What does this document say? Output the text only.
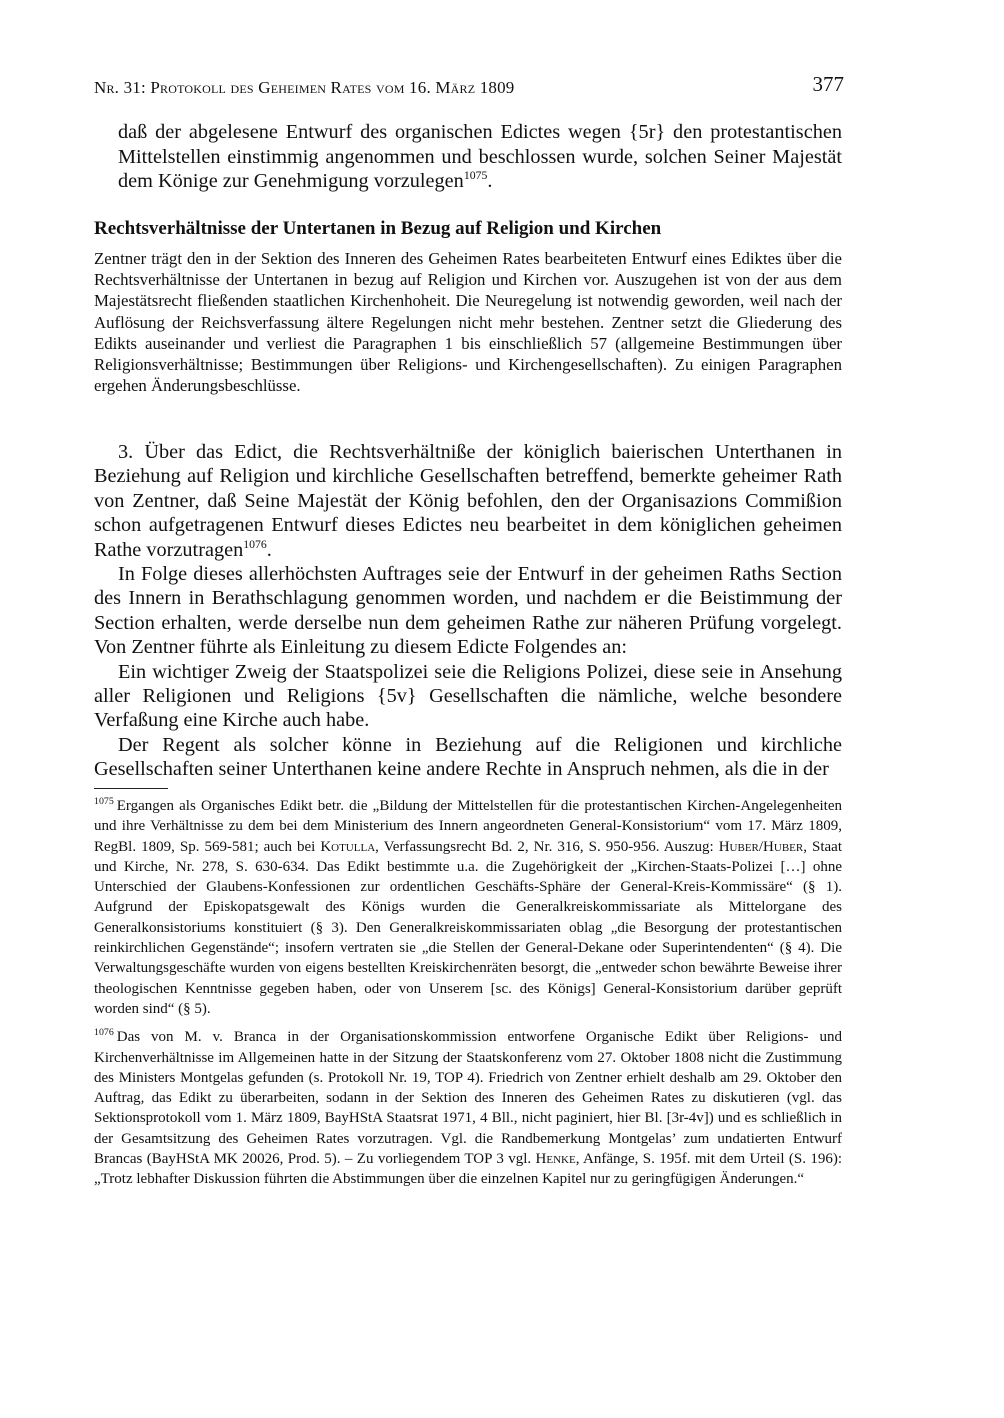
Nr. 31: Protokoll des Geheimen Rates vom 16. März 1809	377
daß der abgelesene Entwurf des organischen Edictes wegen {5r} den protestantischen Mittelstellen einstimmig angenommen und beschlossen wurde, solchen Seiner Majestät dem Könige zur Genehmigung vorzulegen$^{1075}$.
Rechtsverhältnisse der Untertanen in Bezug auf Religion und Kirchen
Zentner trägt den in der Sektion des Inneren des Geheimen Rates bearbeiteten Entwurf eines Ediktes über die Rechtsverhältnisse der Untertanen in bezug auf Religion und Kirchen vor. Auszugehen ist von der aus dem Majestätsrecht fließenden staatlichen Kirchenhoheit. Die Neuregelung ist notwendig geworden, weil nach der Auflösung der Reichsverfassung ältere Regelungen nicht mehr bestehen. Zentner setzt die Gliederung des Edikts auseinander und verliest die Paragraphen 1 bis einschließlich 57 (allgemeine Bestimmungen über Religionsverhältnisse; Bestimmungen über Religions- und Kirchengesellschaften). Zu einigen Paragraphen ergehen Änderungsbeschlüsse.

3. Über das Edict, die Rechtsverhältniße der königlich baierischen Unterthanen in Beziehung auf Religion und kirchliche Gesellschaften betreffend, bemerkte geheimer Rath von Zentner, daß Seine Majestät der König befohlen, den der Organisazions Commißion schon aufgetragenen Entwurf dieses Edictes neu bearbeitet in dem königlichen geheimen Rathe vorzutragen$^{1076}$.

In Folge dieses allerhöchsten Auftrages seie der Entwurf in der geheimen Raths Section des Innern in Berathschlagung genommen worden, und nachdem er die Beistimmung der Section erhalten, werde derselbe nun dem geheimen Rathe zur näheren Prüfung vorgelegt. Von Zentner führte als Einleitung zu diesem Edicte Folgendes an:

Ein wichtiger Zweig der Staatspolizei seie die Religions Polizei, diese seie in Ansehung aller Religionen und Religions {5v} Gesellschaften die nämliche, welche besondere Verfaßung eine Kirche auch habe.

Der Regent als solcher könne in Beziehung auf die Religionen und kirchliche Gesellschaften seiner Unterthanen keine andere Rechte in Anspruch nehmen, als die in der

$^{1075}$ Ergangen als Organisches Edikt betr. die „Bildung der Mittelstellen für die protestantischen Kirchen-Angelegenheiten und ihre Verhältnisse zu dem bei dem Ministerium des Innern angeordneten General-Konsistorium“ vom 17. März 1809, RegBl. 1809, Sp. 569-581; auch bei Kotulla, Verfassungsrecht Bd. 2, Nr. 316, S. 950-956. Auszug: Huber/Huber, Staat und Kirche, Nr. 278, S. 630-634. Das Edikt bestimmte u.a. die Zugehörigkeit der „Kirchen-Staats-Polizei […] ohne Unterschied der Glaubens-Konfessionen zur ordentlichen Geschäfts-Sphäre der General-Kreis-Kommissäre“ (§ 1). Aufgrund der Episkopatsgewalt des Königs wurden die Generalkreiskommissariate als Mittelorgane des Generalkonsistoriums konstituiert (§ 3). Den Generalkreiskommissariaten oblag „die Besorgung der protestantischen reinkirchlichen Gegenstände“; insofern vertraten sie „die Stellen der General-Dekane oder Superintendenten“ (§ 4). Die Verwaltungsgeschäfte wurden von eigens bestellten Kreiskirchenräten besorgt, die „entweder schon bewährte Beweise ihrer theologischen Kenntnisse gegeben haben, oder von Unserem [sc. des Königs] General-Konsistorium darüber geprüft worden sind“ (§ 5).

$^{1076}$ Das von M. v. Branca in der Organisationskommission entworfene Organische Edikt über Religions- und Kirchenverhältnisse im Allgemeinen hatte in der Sitzung der Staatskonferenz vom 27. Oktober 1808 nicht die Zustimmung des Ministers Montgelas gefunden (s. Protokoll Nr. 19, TOP 4). Friedrich von Zentner erhielt deshalb am 29. Oktober den Auftrag, das Edikt zu überarbeiten, sodann in der Sektion des Inneren des Geheimen Rates zu diskutieren (vgl. das Sektionsprotokoll vom 1. März 1809, BayHStA Staatsrat 1971, 4 Bll., nicht paginiert, hier Bl. [3r-4v]) und es schließlich in der Gesamtsitzung des Geheimen Rates vorzutragen. Vgl. die Randbemerkung Montgelas’ zum undatierten Entwurf Brancas (BayHStA MK 20026, Prod. 5). – Zu vorliegendem TOP 3 vgl. Henke, Anfänge, S. 195f. mit dem Urteil (S. 196): „Trotz lebhafter Diskussion führten die Abstimmungen über die einzelnen Kapitel nur zu geringfügigen Änderungen.“
